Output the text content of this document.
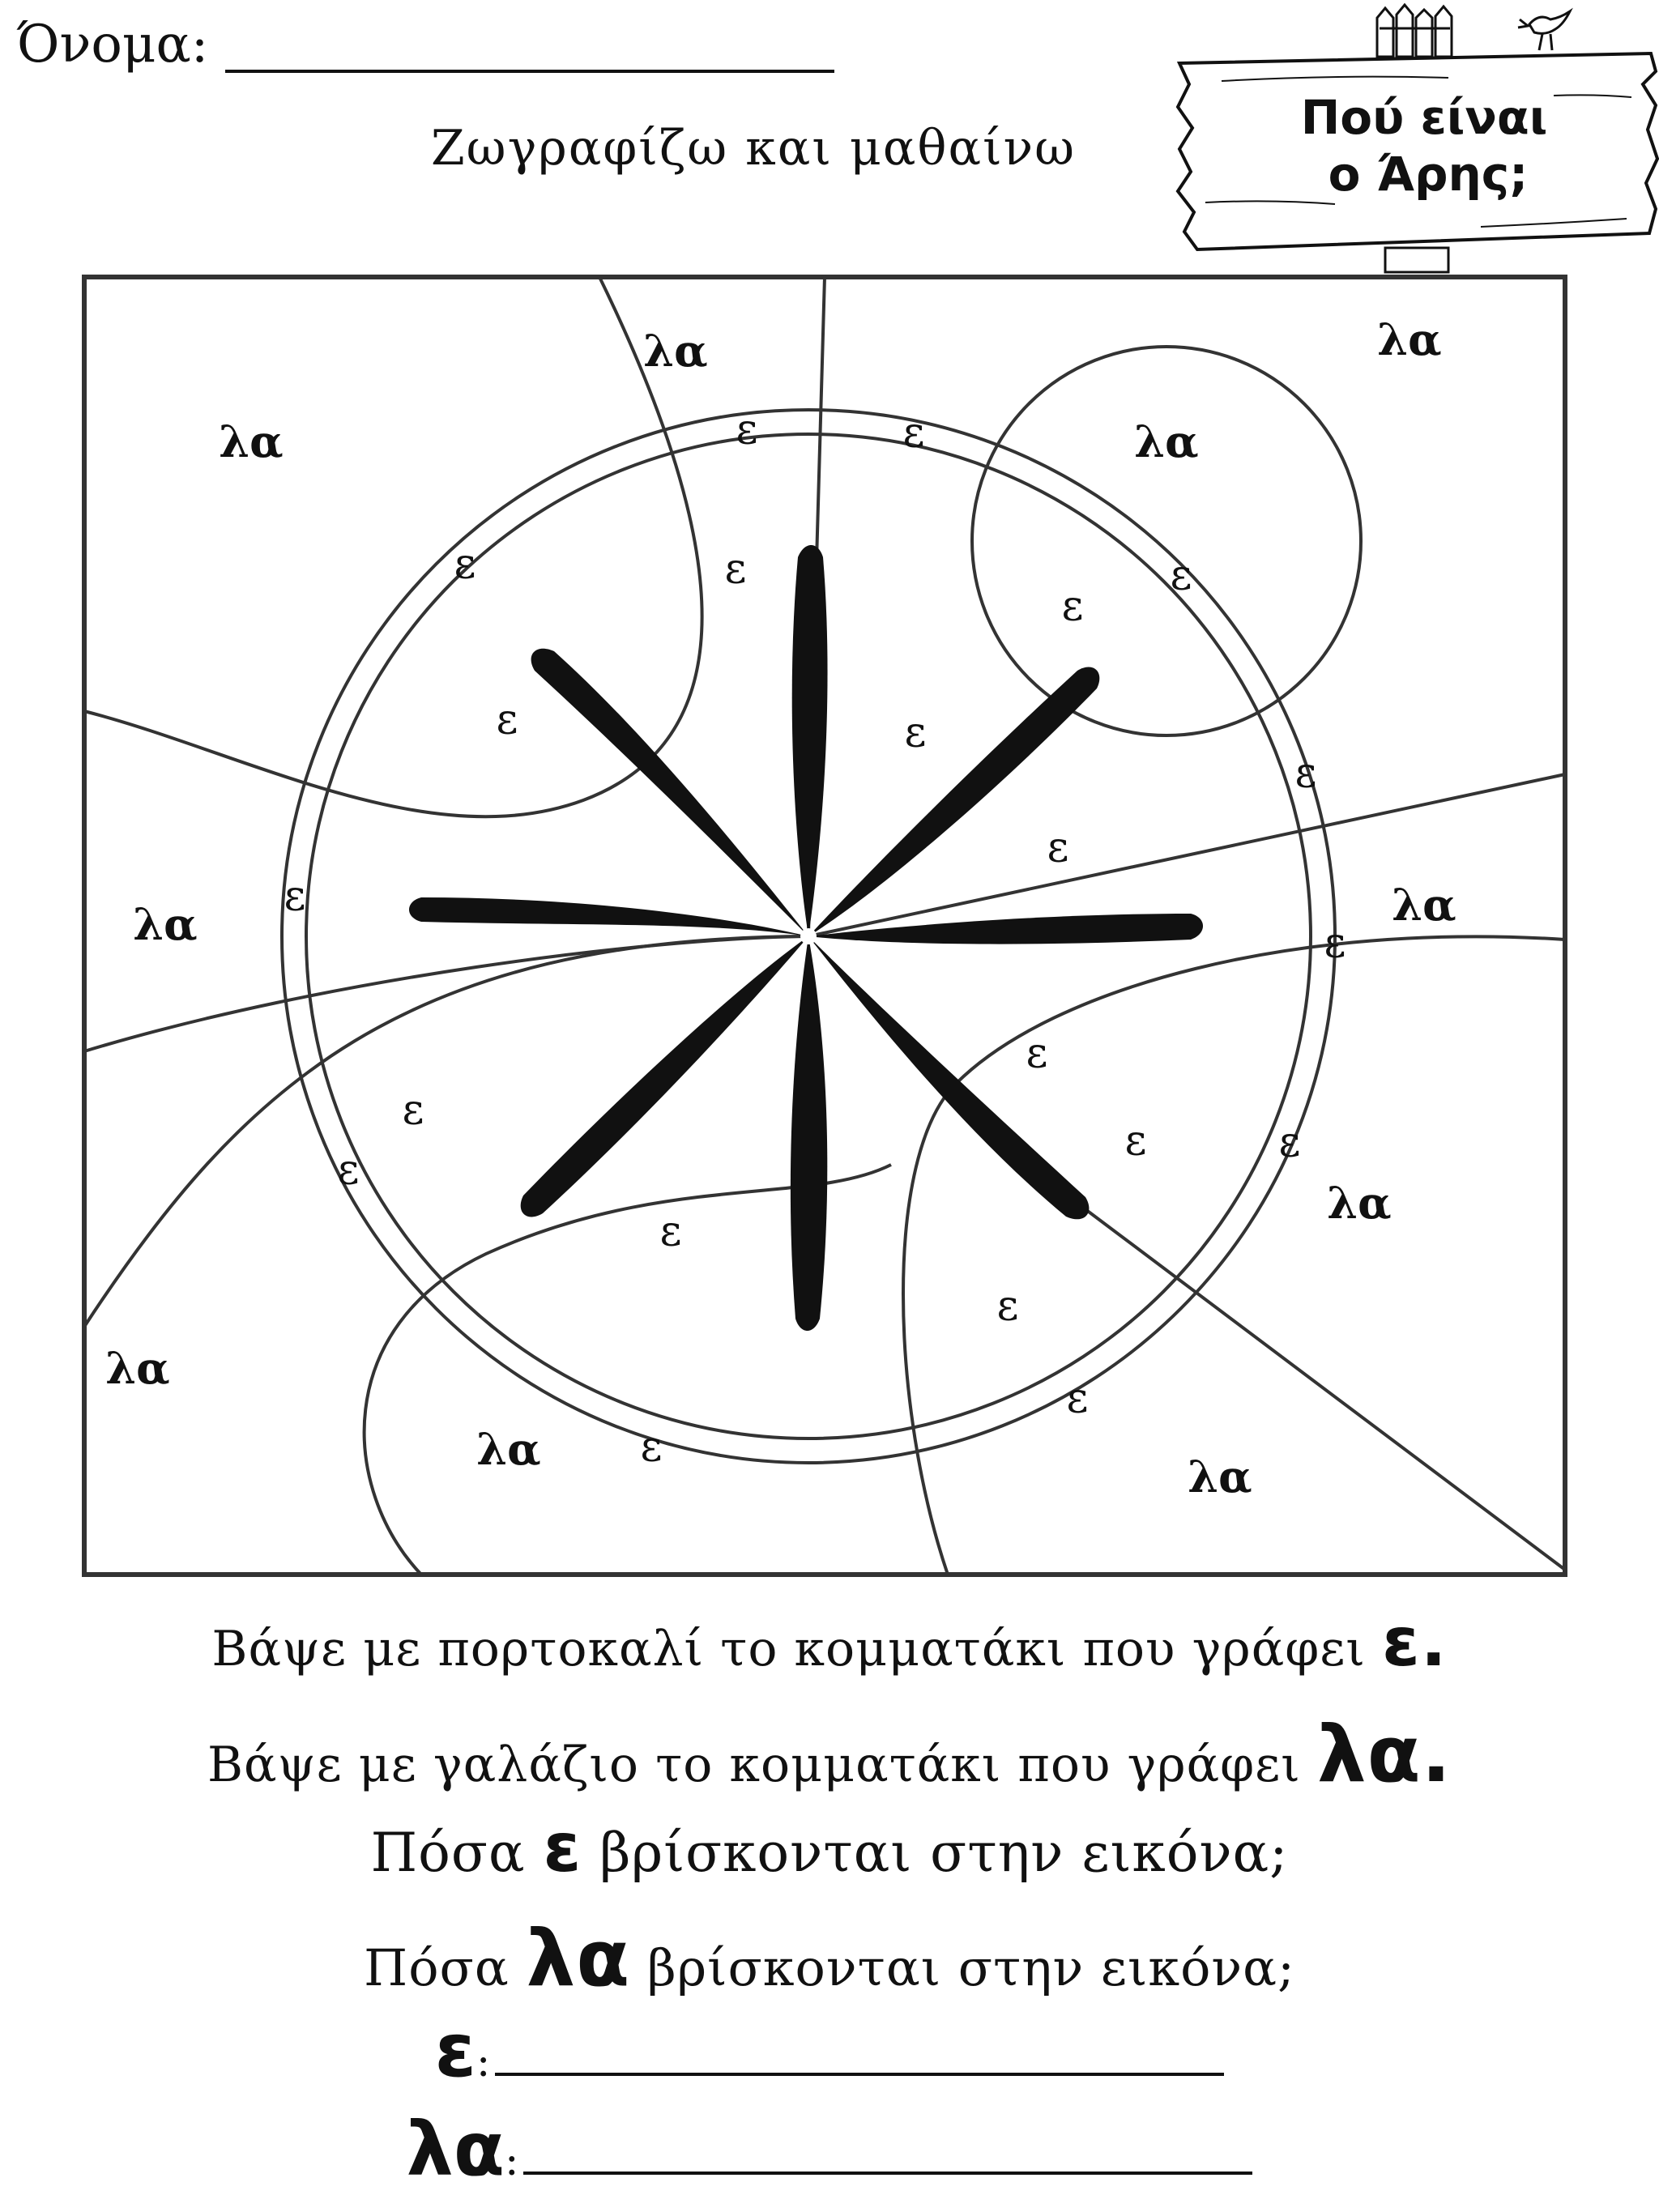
Όνομα:
Ζωγραφίζω και μαθαίνω
Πού είναι
ο Άρης;
λα	λα
λα	λα
λα	λα
λα
λα
λα
λα
ε	ε
ε	ε	ε
ε
ε	ε
ε
ε
ε
ε
ε
ε
ε	ε
ε
ε
ε
ε
ε
Βάψε με πορτοκαλί το κομματάκι που γράφει ε.
Βάψε με γαλάζιο το κομματάκι που γράφει λα.
Πόσα ε βρίσκονται στην εικόνα;
Πόσα λα βρίσκονται στην εικόνα;
ε:
λα:
